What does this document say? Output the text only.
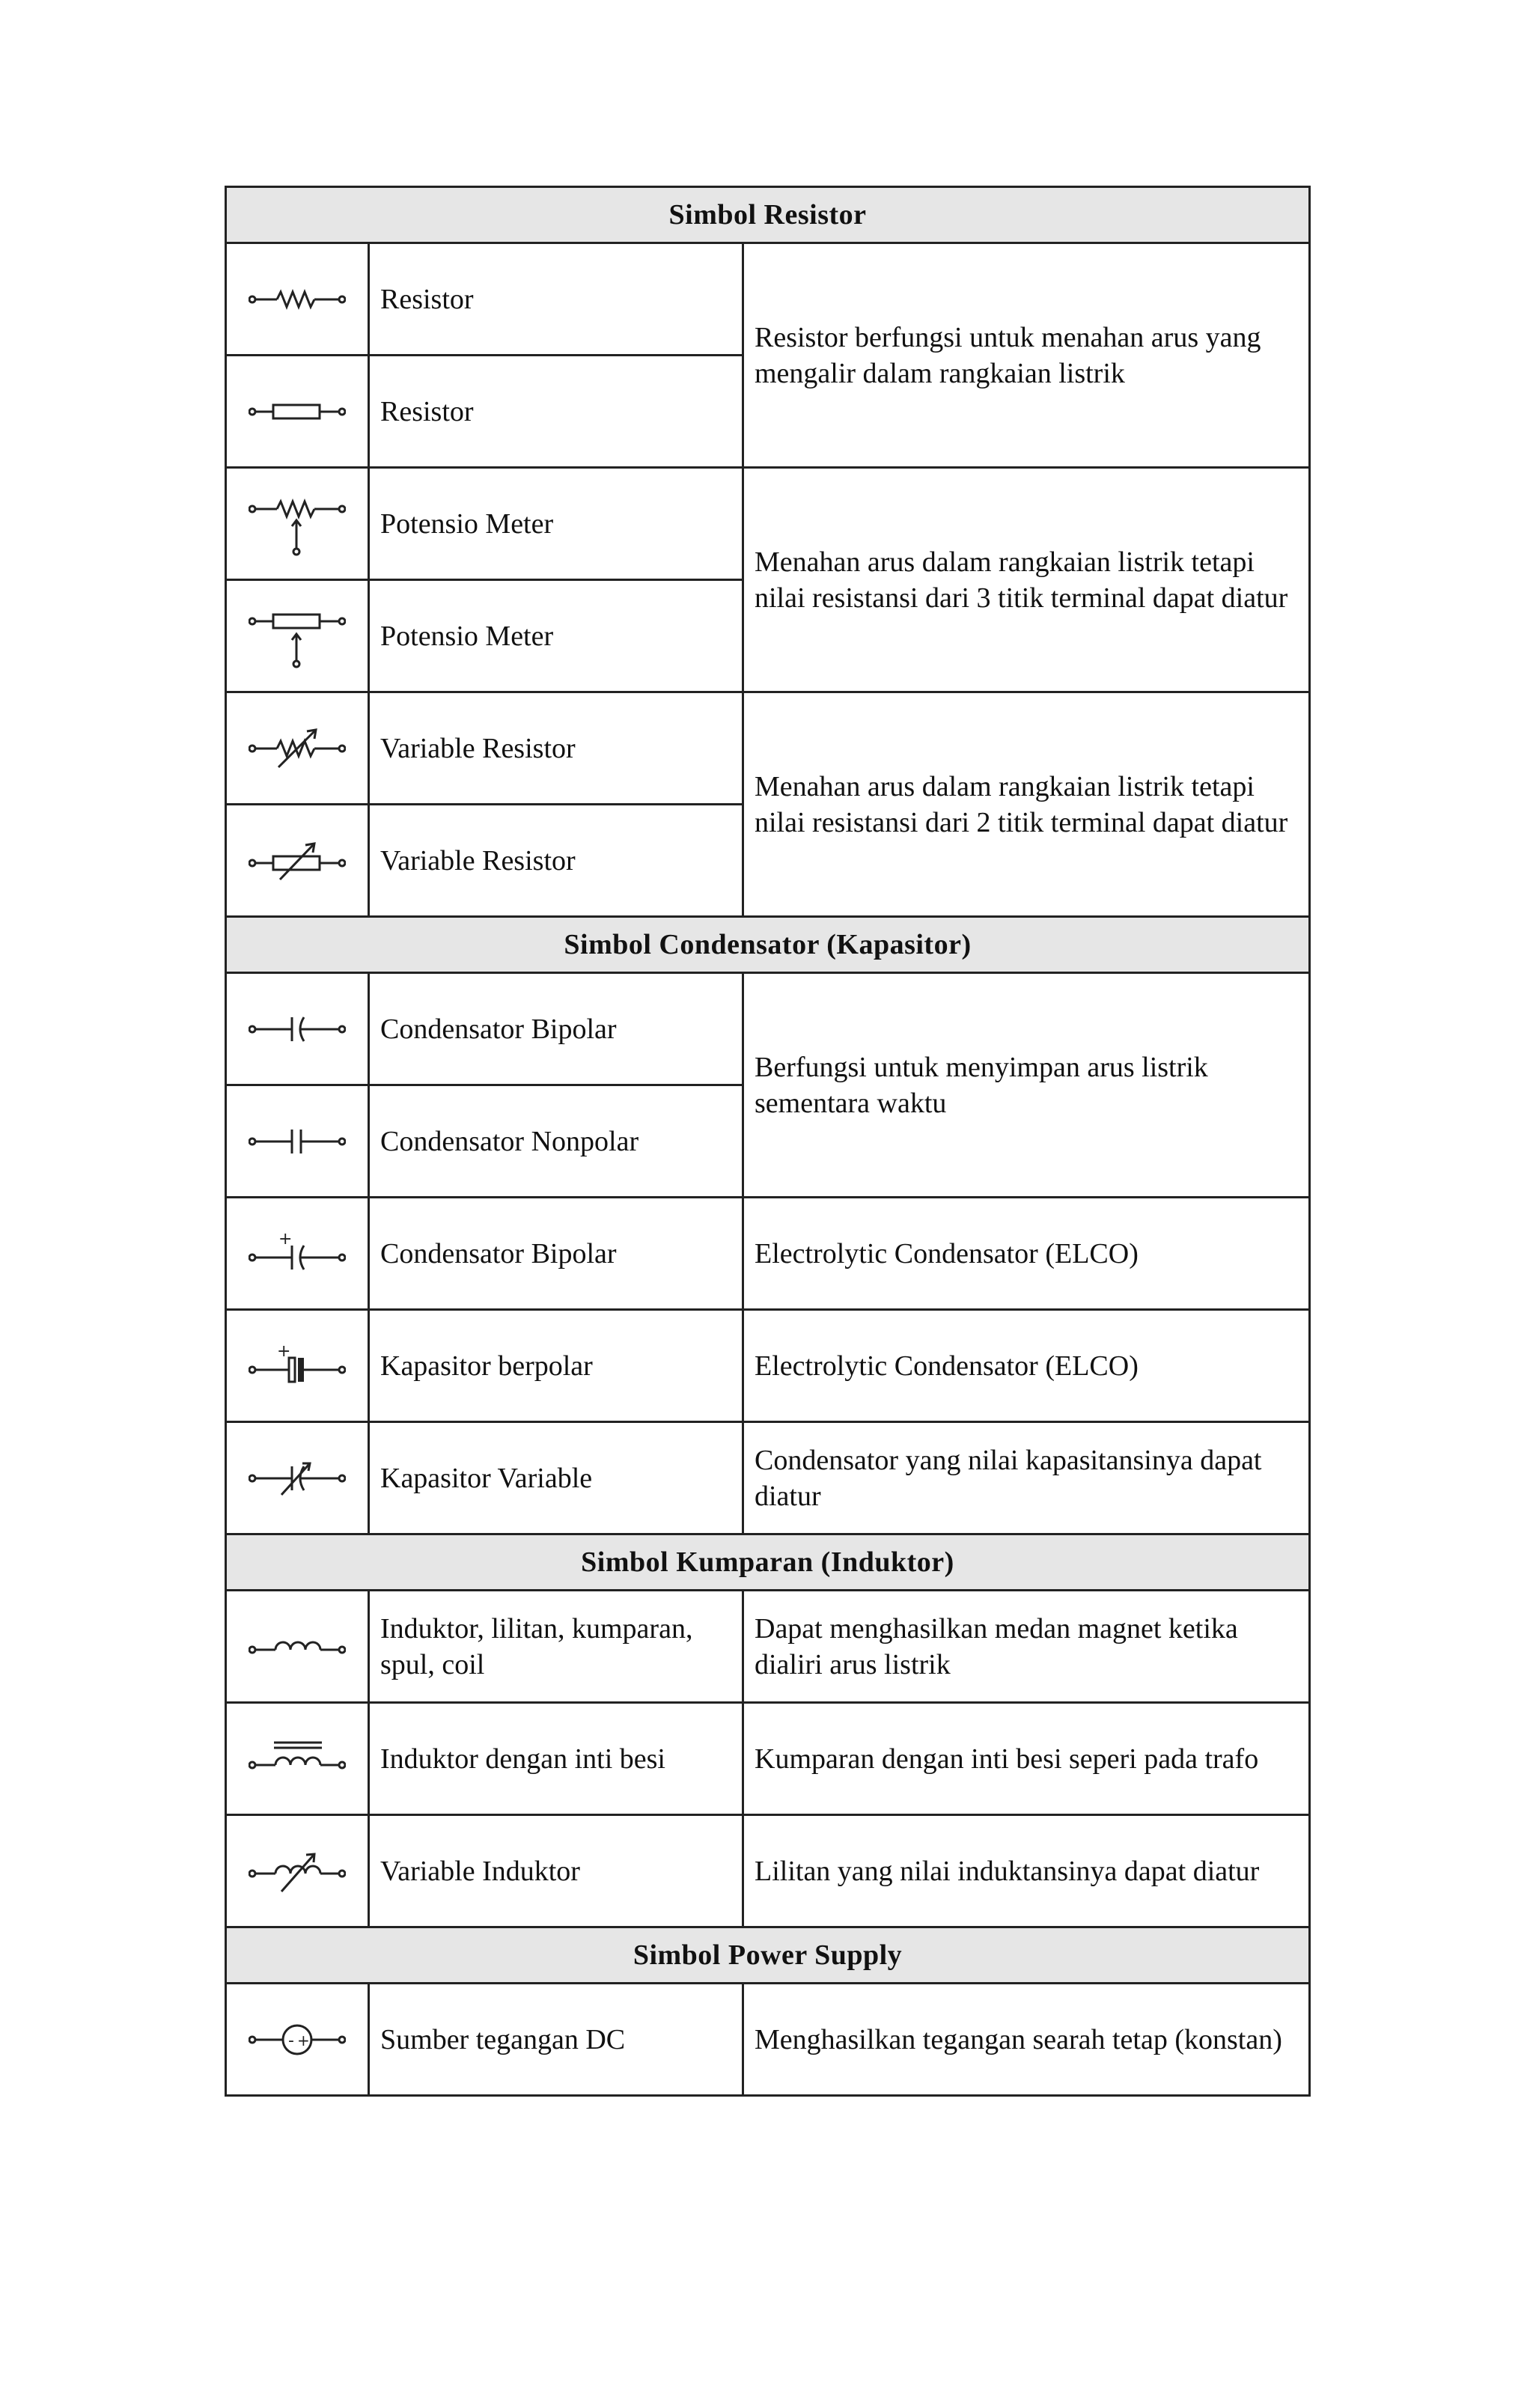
Simbol Resistor		

	Resistor	Resistor berfungsi untuk menahan arus yang mengalir dalam rangkaian listrik

	Resistor	

	Potensio Meter	Menahan arus dalam rangkaian listrik tetapi nilai resistansi dari 3 titik terminal dapat diatur

	Potensio Meter	

	Variable Resistor	Menahan arus dalam rangkaian listrik tetapi nilai resistansi dari 2 titik terminal dapat diatur

	Variable Resistor	
Simbol Condensator (Kapasitor)		

	Condensator Bipolar	Berfungsi untuk menyimpan arus listrik sementara waktu

	Condensator Nonpolar	

+	Condensator Bipolar	Electrolytic Condensator (ELCO)

+	Kapasitor berpolar	Electrolytic Condensator (ELCO)

	Kapasitor Variable	Condensator yang nilai kapasitansinya dapat diatur
Simbol Kumparan (Induktor)		

	Induktor, lilitan, kumparan, spul, coil	Dapat menghasilkan medan magnet ketika dialiri arus listrik

	Induktor dengan inti besi	Kumparan dengan inti besi seperi pada trafo

	Variable Induktor	Lilitan yang nilai induktansinya dapat diatur
Simbol Power Supply		

- +	Sumber tegangan DC	Menghasilkan tegangan searah tetap (konstan)
